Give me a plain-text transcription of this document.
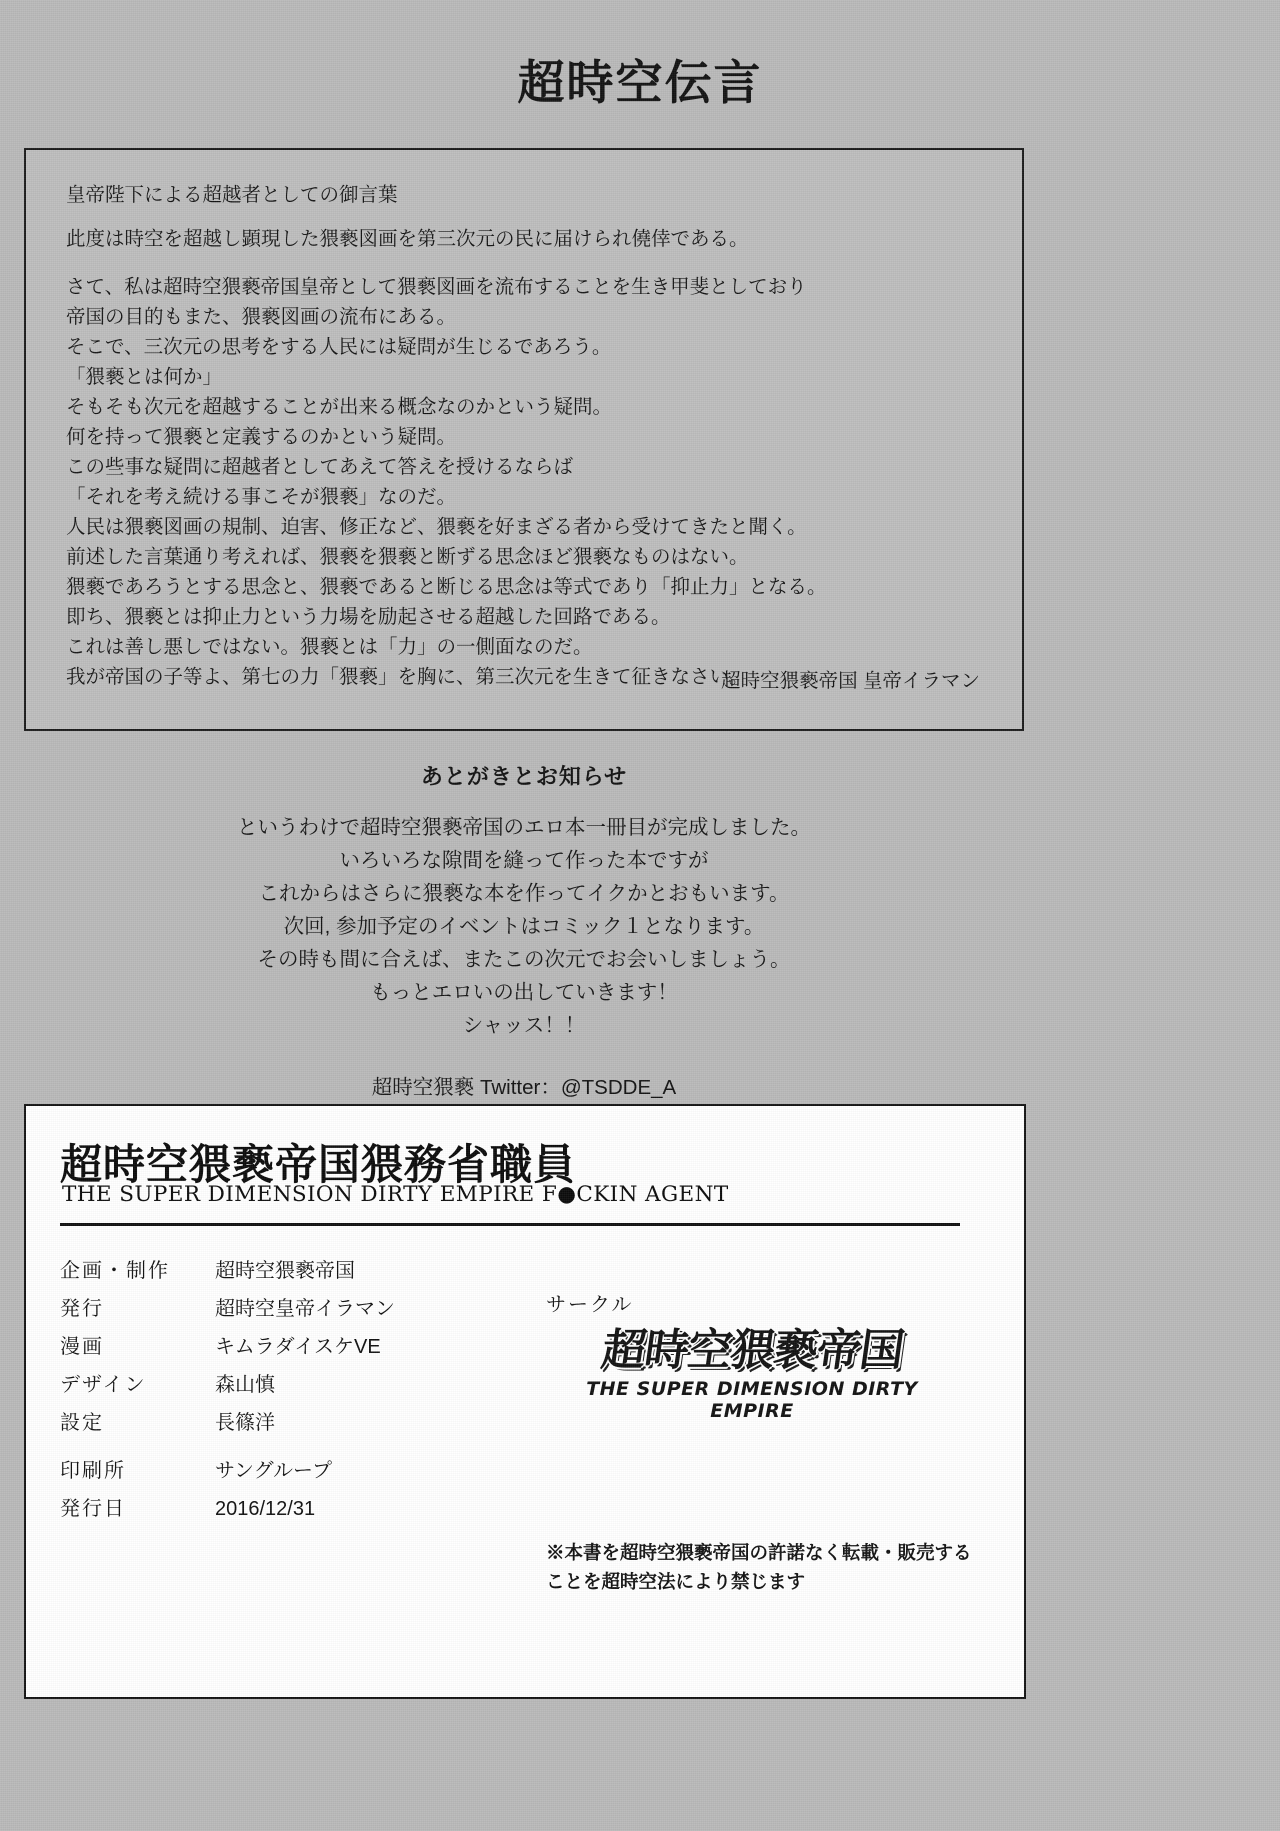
超時空伝言
皇帝陛下による超越者としての御言葉
此度は時空を超越し顕現した猥褻図画を第三次元の民に届けられ僥倖である。
さて、私は超時空猥褻帝国皇帝として猥褻図画を流布することを生き甲斐としており
帝国の目的もまた、猥褻図画の流布にある。
そこで、三次元の思考をする人民には疑問が生じるであろう。
「猥褻とは何か」
そもそも次元を超越することが出来る概念なのかという疑問。
何を持って猥褻と定義するのかという疑問。
この些事な疑問に超越者としてあえて答えを授けるならば
「それを考え続ける事こそが猥褻」なのだ。
人民は猥褻図画の規制、迫害、修正など、猥褻を好まざる者から受けてきたと聞く。
前述した言葉通り考えれば、猥褻を猥褻と断ずる思念ほど猥褻なものはない。
猥褻であろうとする思念と、猥褻であると断じる思念は等式であり「抑止力」となる。
即ち、猥褻とは抑止力という力場を励起させる超越した回路である。
これは善し悪しではない。猥褻とは「力」の一側面なのだ。
我が帝国の子等よ、第七の力「猥褻」を胸に、第三次元を生きて征きなさい。
超時空猥褻帝国 皇帝イラマン
あとがきとお知らせ
というわけで超時空猥褻帝国のエロ本一冊目が完成しました。
いろいろな隙間を縫って作った本ですが
これからはさらに猥褻な本を作ってイクかとおもいます。
次回, 参加予定のイベントはコミック１となります。
その時も間に合えば、またこの次元でお会いしましょう。
もっとエロいの出していきます！
シャッス！！
超時空猥褻 Twitter：@TSDDE_A
超時空猥褻帝国猥務省職員
THE SUPER DIMENSION DIRTY EMPIRE F●CKIN AGENT
企画・制作	超時空猥褻帝国
発行	超時空皇帝イラマン
漫画	キムラダイスケVE
デザイン	森山慎
設定	長篠洋
印刷所	サングループ
発行日	2016/12/31
サークル
超時空猥褻帝国
THE SUPER DIMENSION DIRTY EMPIRE
※本書を超時空猥褻帝国の許諾なく転載・販売することを超時空法により禁じます
